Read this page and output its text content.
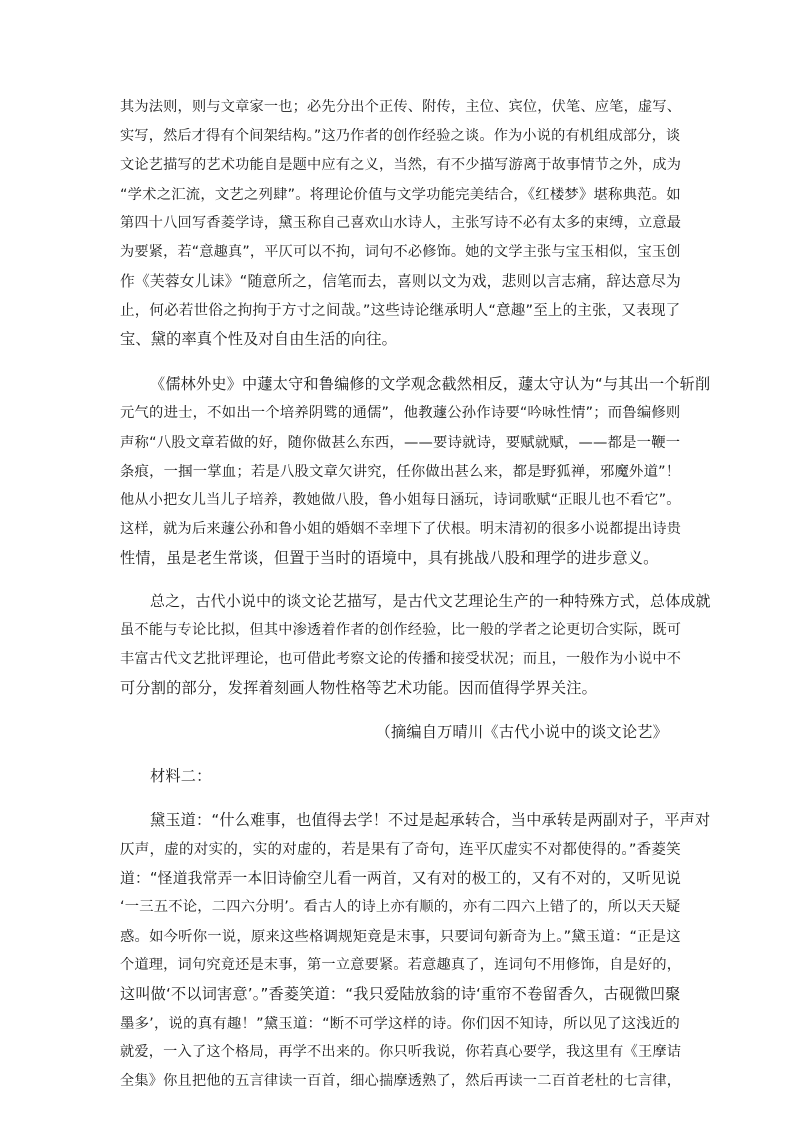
其为法则，则与文章家一也；必先分出个正传、附传，主位、宾位，伏笔、应笔，虚写、
实写，然后才得有个间架结构。”这乃作者的创作经验之谈。作为小说的有机组成部分，谈
文论艺描写的艺术功能自是题中应有之义，当然，有不少描写游离于故事情节之外，成为
“学术之汇流，文艺之列肆”。将理论价值与文学功能完美结合，《红楼梦》堪称典范。如
第四十八回写香菱学诗，黛玉称自己喜欢山水诗人，主张写诗不必有太多的束缚，立意最
为要紧，若“意趣真”，平仄可以不拘，词句不必修饰。她的文学主张与宝玉相似，宝玉创
作《芙蓉女儿诔》“随意所之，信笔而去，喜则以文为戏，悲则以言志痛，辞达意尽为
止，何必若世俗之拘拘于方寸之间哉。”这些诗论继承明人“意趣”至上的主张，又表现了
宝、黛的率真个性及对自由生活的向往。
《儒林外史》中蘧太守和鲁编修的文学观念截然相反，蘧太守认为“与其出一个斩削
元气的进士，不如出一个培养阴骘的通儒”，他教蘧公孙作诗要“吟咏性情”；而鲁编修则
声称“八股文章若做的好，随你做甚么东西，——要诗就诗，要赋就赋，——都是一鞭一
条痕，一掴一掌血；若是八股文章欠讲究，任你做出甚么来，都是野狐禅，邪魔外道”！
他从小把女儿当儿子培养，教她做八股，鲁小姐每日涵玩，诗词歌赋“正眼儿也不看它”。
这样，就为后来蘧公孙和鲁小姐的婚姻不幸埋下了伏根。明末清初的很多小说都提出诗贵
性情，虽是老生常谈，但置于当时的语境中，具有挑战八股和理学的进步意义。
总之，古代小说中的谈文论艺描写，是古代文艺理论生产的一种特殊方式，总体成就
虽不能与专论比拟，但其中渗透着作者的创作经验，比一般的学者之论更切合实际，既可
丰富古代文艺批评理论，也可借此考察文论的传播和接受状况；而且，一般作为小说中不
可分割的部分，发挥着刻画人物性格等艺术功能。因而值得学界关注。
（摘编自万晴川《古代小说中的谈文论艺》
材料二：
黛玉道：“什么难事，也值得去学！不过是起承转合，当中承转是两副对子，平声对
仄声，虚的对实的，实的对虚的，若是果有了奇句，连平仄虚实不对都使得的。”香菱笑
道：“怪道我常弄一本旧诗偷空儿看一两首，又有对的极工的，又有不对的，又听见说
‘一三五不论，二四六分明’。看古人的诗上亦有顺的，亦有二四六上错了的，所以天天疑
惑。如今听你一说，原来这些格调规矩竟是末事，只要词句新奇为上。”黛玉道：“正是这
个道理，词句究竟还是末事，第一立意要紧。若意趣真了，连词句不用修饰，自是好的，
这叫做‘不以词害意’。”香菱笑道：“我只爱陆放翁的诗‘重帘不卷留香久，古砚微凹聚
墨多’，说的真有趣！”黛玉道：“断不可学这样的诗。你们因不知诗，所以见了这浅近的
就爱，一入了这个格局，再学不出来的。你只听我说，你若真心要学，我这里有《王摩诘
全集》你且把他的五言律读一百首，细心揣摩透熟了，然后再读一二百首老杜的七言律，
